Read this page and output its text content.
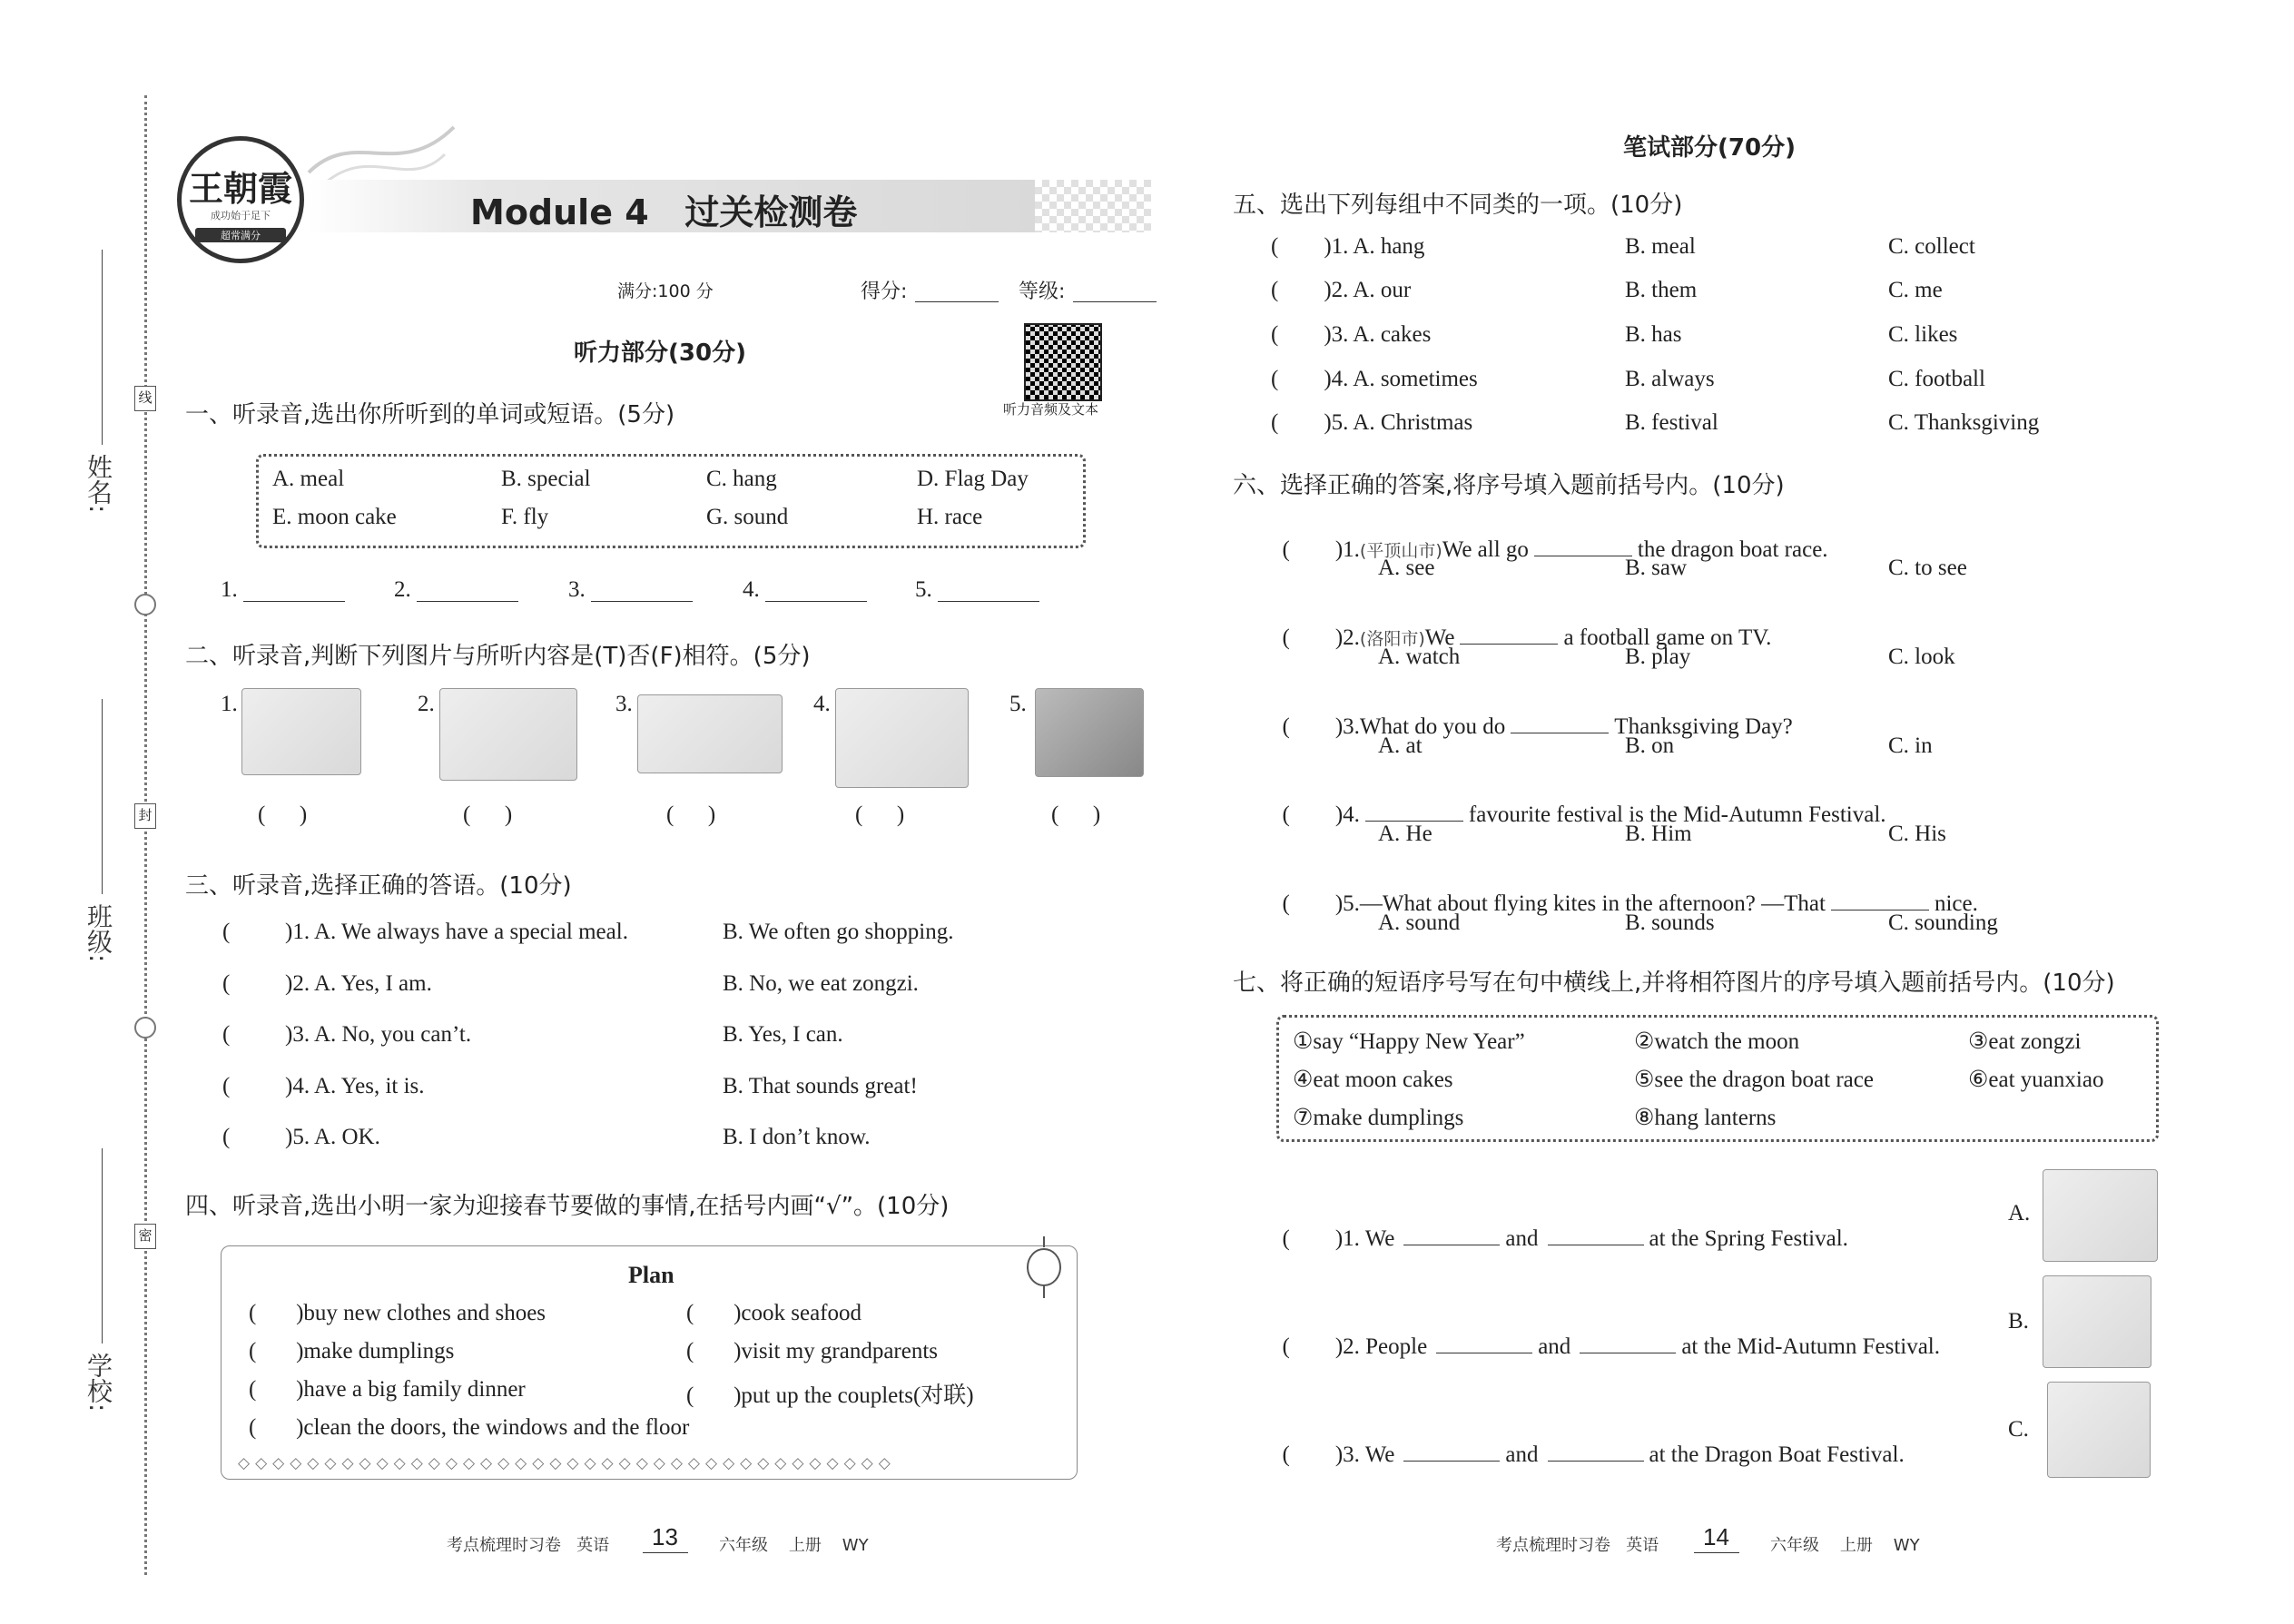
线
封
密
姓名:
班级:
学校:
王朝霞
成功始于足下
超常满分
Module 4   过关检测卷
满分:100 分	得分:	等级:
听力部分(30分)
听力音频及文本
一、听录音,选出你所听到的单词或短语。(5分)
A. meal	B. special	C. hang	D. Flag Day
E. moon cake	F. fly	G. sound	H. race
1.	2.	3.	4.	5.
二、听录音,判断下列图片与所听内容是(T)否(F)相符。(5分)
1.	2.	3.	4.	5.
(      )	(      )	(      )	(      )	(      )
三、听录音,选择正确的答语。(10分)
( )1. A. We always have a special meal.	B. We often go shopping.
( )2. A. Yes, I am.	B. No, we eat zongzi.
( )3. A. No, you can’t.	B. Yes, I can.
( )4. A. Yes, it is.	B. That sounds great!
( )5. A. OK.	B. I don’t know.
四、听录音,选出小明一家为迎接春节要做的事情,在括号内画“√”。(10分)
Plan
(       )buy new clothes and shoes
(       )make dumplings
(       )have a big family dinner
(       )clean the doors, the windows and the floor
(       )cook seafood
(       )visit my grandparents
(       )put up the couplets(对联)
◇◇◇◇◇◇◇◇◇◇◇◇◇◇◇◇◇◇◇◇◇◇◇◇◇◇◇◇◇◇◇◇◇◇◇◇◇◇
考点梳理时习卷   英语 13	六年级    上册    WY
笔试部分(70分)
五、选出下列每组中不同类的一项。(10分)
(        )1. A. hang	B. meal	C. collect
(        )2. A. our	B. them	C. me
(        )3. A. cakes	B. has	C. likes
(        )4. A. sometimes	B. always	C. football
(        )5. A. Christmas	B. festival	C. Thanksgiving
六、选择正确的答案,将序号填入题前括号内。(10分)

(        )1.(平顶山市)We all go	the dragon boat race.

A. see	B. saw	C. to see

(        )2.(洛阳市)We	a football game on TV.

A. watch	B. play	C. look

(        )3.What do you do	Thanksgiving Day?

A. at	B. on	C. in

(        )4.	favourite festival is the Mid-Autumn Festival.

A. He	B. Him	C. His

(        )5.—What about flying kites in the afternoon? —That	nice.

A. sound	B. sounds	C. sounding
七、将正确的短语序号写在句中横线上,并将相符图片的序号填入题前括号内。(10分)
①say “Happy New Year”	②watch the moon	③eat zongzi
④eat moon cakes	⑤see the dragon boat race	⑥eat yuanxiao
⑦make dumplings	⑧hang lanterns

(        )1. We	and	at the Spring Festival.

A.

(        )2. People	and	at the Mid-Autumn Festival.

B.

(        )3. We	and	at the Dragon Boat Festival.

C.
考点梳理时习卷   英语 14	六年级    上册    WY
